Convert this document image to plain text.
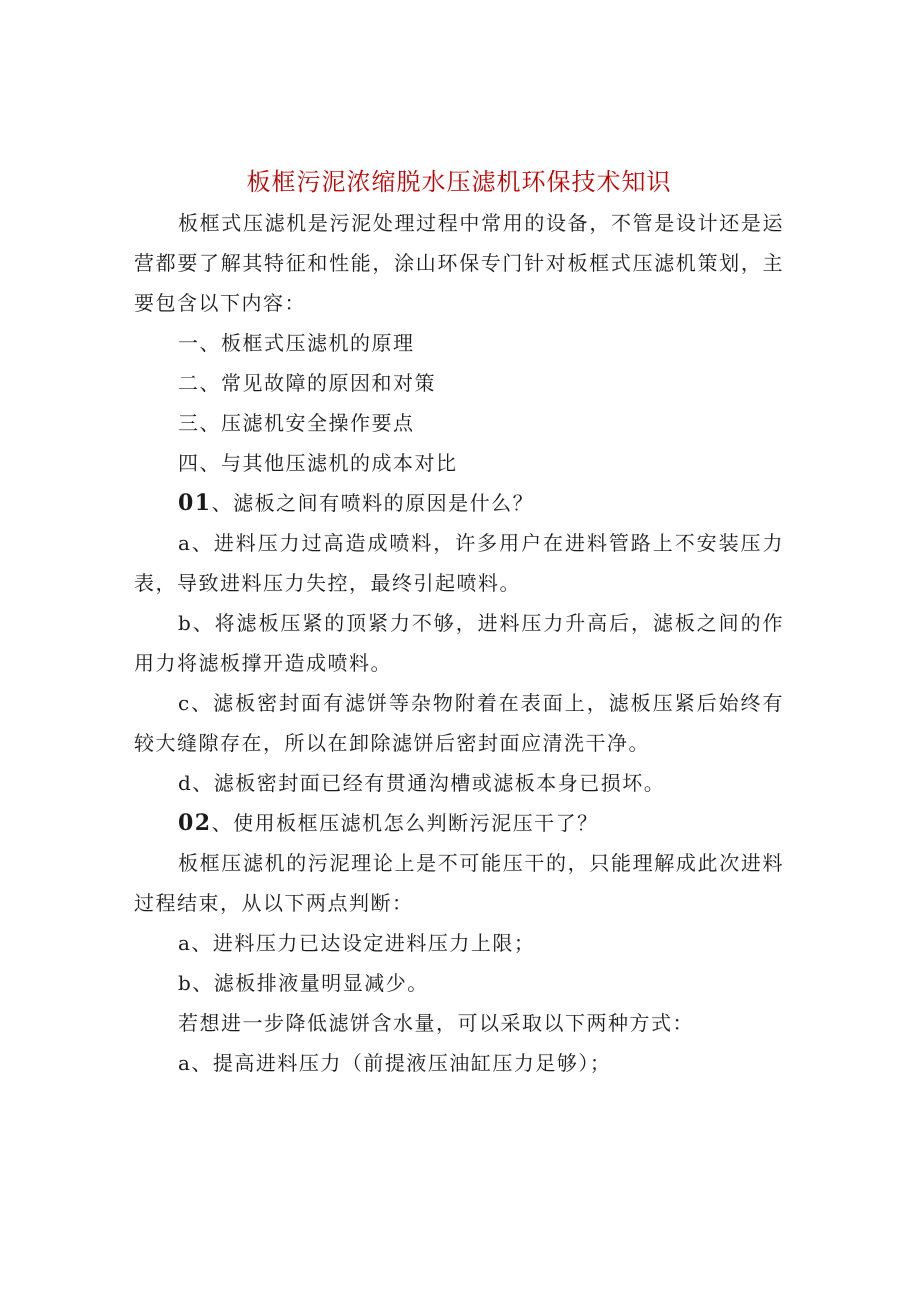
板框污泥浓缩脱水压滤机环保技术知识

板框式压滤机是污泥处理过程中常用的设备，不管是设计还是运营都要了解其特征和性能，涂山环保专门针对板框式压滤机策划，主要包含以下内容：

一、板框式压滤机的原理

二、常见故障的原因和对策

三、压滤机安全操作要点

四、与其他压滤机的成本对比

01、滤板之间有喷料的原因是什么？

a、进料压力过高造成喷料，许多用户在进料管路上不安装压力表，导致进料压力失控，最终引起喷料。

b、将滤板压紧的顶紧力不够，进料压力升高后，滤板之间的作用力将滤板撑开造成喷料。

c、滤板密封面有滤饼等杂物附着在表面上，滤板压紧后始终有较大缝隙存在，所以在卸除滤饼后密封面应清洗干净。

d、滤板密封面已经有贯通沟槽或滤板本身已损坏。

02、使用板框压滤机怎么判断污泥压干了？

板框压滤机的污泥理论上是不可能压干的，只能理解成此次进料过程结束，从以下两点判断：

a、进料压力已达设定进料压力上限；

b、滤板排液量明显减少。

若想进一步降低滤饼含水量，可以采取以下两种方式：

a、提高进料压力（前提液压油缸压力足够）；
